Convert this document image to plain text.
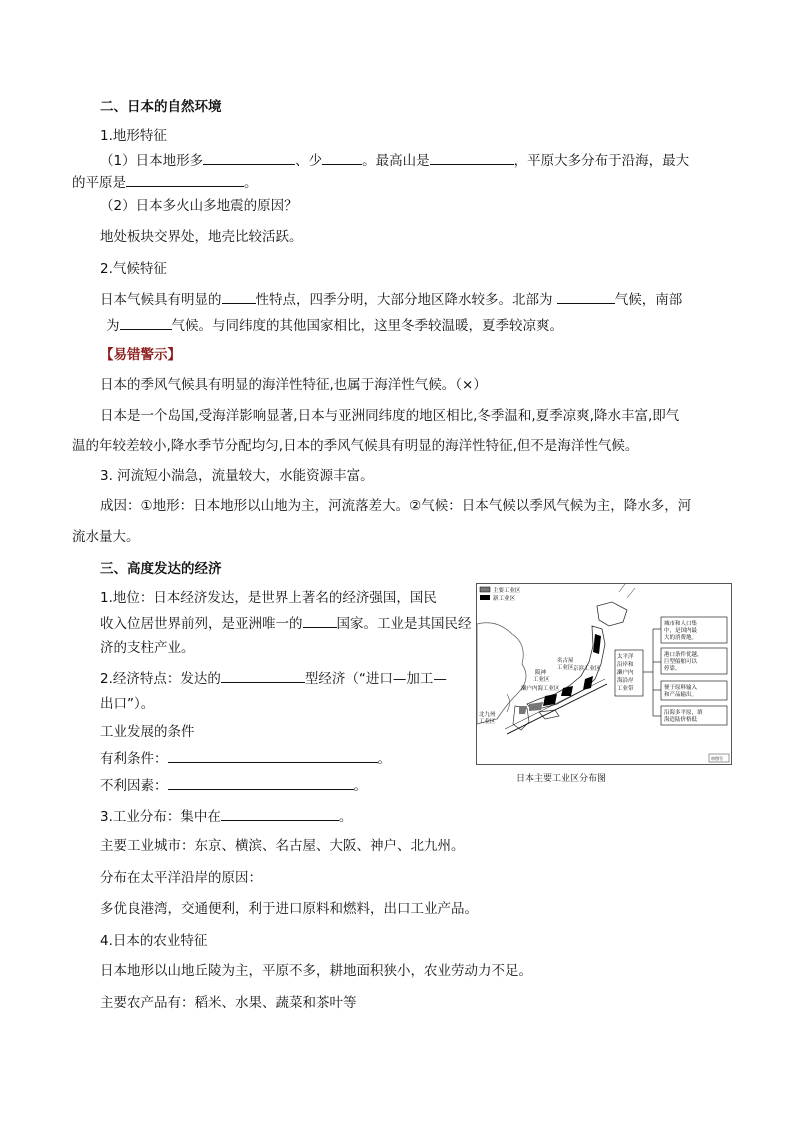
二、日本的自然环境
1.地形特征
（1）日本地形多	、少	。最高山是	，平原大多分布于沿海，最大
的平原是	。
（2）日本多火山多地震的原因？
地处板块交界处，地壳比较活跃。
2.气候特征
日本气候具有明显的	性特点，四季分明，大部分地区降水较多。北部为	气候，南部
为	气候。与同纬度的其他国家相比，这里冬季较温暖，夏季较凉爽。
【易错警示】
日本的季风气候具有明显的海洋性特征,也属于海洋性气候。（×）
日本是一个岛国,受海洋影响显著,日本与亚洲同纬度的地区相比,冬季温和,夏季凉爽,降水丰富,即气
温的年较差较小,降水季节分配均匀,日本的季风气候具有明显的海洋性特征,但不是海洋性气候。
3. 河流短小湍急，流量较大，水能资源丰富。
成因：①地形：日本地形以山地为主，河流落差大。②气候：日本气候以季风气候为主，降水多，河
流水量大。
三、高度发达的经济
1.地位：日本经济发达，是世界上著名的经济强国，国民
收入位居世界前列，是亚洲唯一的	国家。工业是其国民经
济的支柱产业。
2.经济特点：发达的	型经济（“进口—加工—
出口”）。
工业发展的条件
有利条件：	。
不利因素：	。
3.工业分布：集中在	。
主要工业城市：东京、横滨、名古屋、大阪、神户、北九州。
分布在太平洋沿岸的原因：
多优良港湾，交通便利，利于进口原料和燃料，出口工业产品。
4.日本的农业特征
日本地形以山地丘陵为主，平原不多，耕地面积狭小，农业劳动力不足。
主要农产品有：稻米、水果、蔬菜和茶叶等
主要工业区
新工业区
阪神
工业区
名古屋
工业区 京滨工业区
濑户内海工业区
北九州
工业区
太平洋
沿岸和
濑户内
海沿岸
工业带
城市和人口集
中，是国内最
大的消费地。
港口条件优越，
巨型船舶可以
停靠。
便于原料输入
和产品输出。
沿海多平原，填
海造陆价格低
审图号
日本主要工业区分布图
